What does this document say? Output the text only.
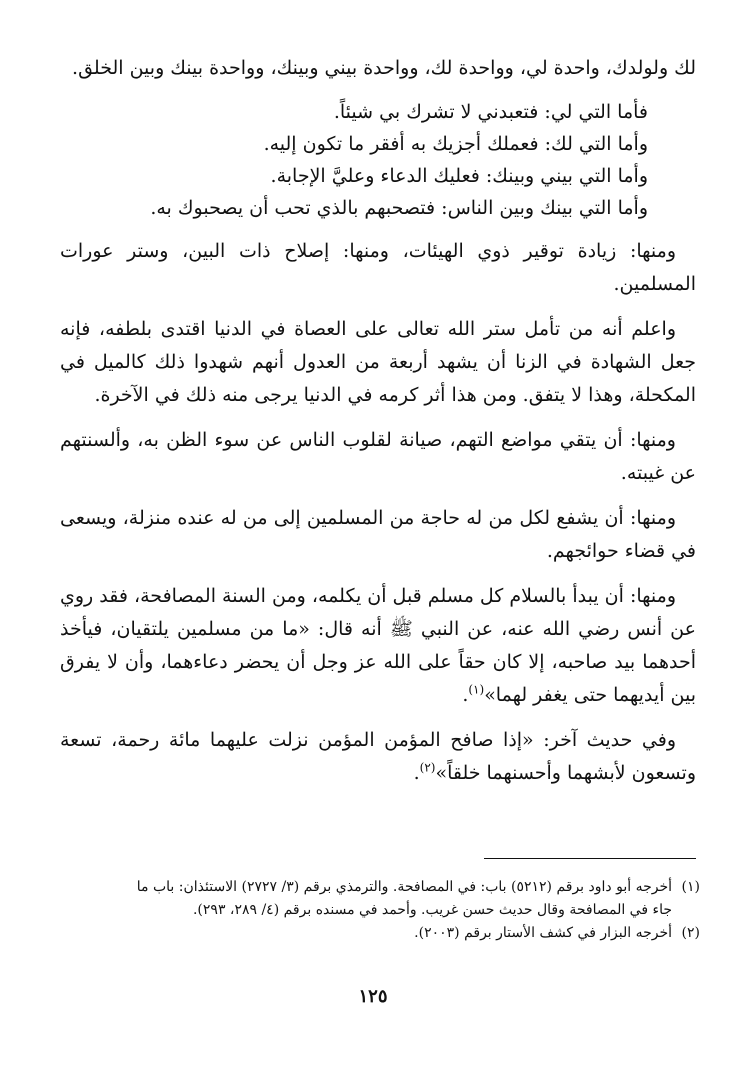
لك ولولدك، واحدة لي، وواحدة لك، وواحدة بيني وبينك، وواحدة بينك وبين الخلق.

فأما التي لي: فتعبدني لا تشرك بي شيئاً.
وأما التي لك: فعملك أجزيك به أفقر ما تكون إليه.
وأما التي بيني وبينك: فعليك الدعاء وعليَّ الإجابة.
وأما التي بينك وبين الناس: فتصحبهم بالذي تحب أن يصحبوك به.

ومنها: زيادة توقير ذوي الهيئات، ومنها: إصلاح ذات البين، وستر عورات المسلمين.

واعلم أنه من تأمل ستر الله تعالى على العصاة في الدنيا اقتدى بلطفه، فإنه جعل الشهادة في الزنا أن يشهد أربعة من العدول أنهم شهدوا ذلك كالميل في المكحلة، وهذا لا يتفق. ومن هذا أثر كرمه في الدنيا يرجى منه ذلك في الآخرة.

ومنها: أن يتقي مواضع التهم، صيانة لقلوب الناس عن سوء الظن به، وألسنتهم عن غيبته.

ومنها: أن يشفع لكل من له حاجة من المسلمين إلى من له عنده منزلة، ويسعى في قضاء حوائجهم.

ومنها: أن يبدأ بالسلام كل مسلم قبل أن يكلمه، ومن السنة المصافحة، فقد روي عن أنس رضي الله عنه، عن النبي ﷺ أنه قال: «ما من مسلمين يلتقيان، فيأخذ أحدهما بيد صاحبه، إلا كان حقاً على الله عز وجل أن يحضر دعاءهما، وأن لا يفرق بين أيديهما حتى يغفر لهما»$^{(١)}$.

وفي حديث آخر: «إذا صافح المؤمن المؤمن نزلت عليهما مائة رحمة، تسعة وتسعون لأبشهما وأحسنهما خلقاً»$^{(٢)}$.

(١)أخرجه أبو داود برقم (٥٢١٢) باب: في المصافحة. والترمذي برقم (٣/ ٢٧٢٧) الاستئذان: باب ما

جاء في المصافحة وقال حديث حسن غريب. وأحمد في مسنده برقم (٤/ ٢٨٩، ٢٩٣).

(٢)أخرجه البزار في كشف الأستار برقم (٢٠٠٣).

١٢٥
